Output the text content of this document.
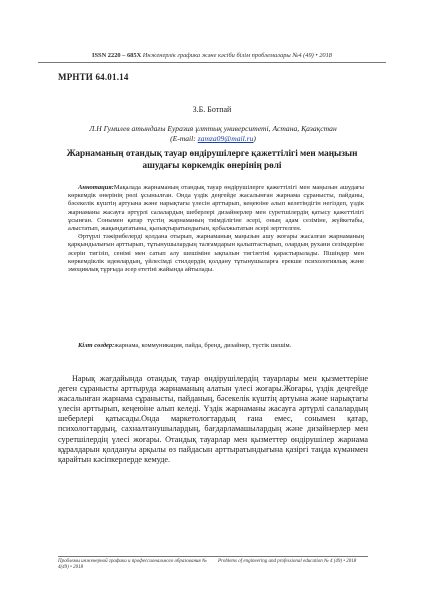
ISSN 2220 – 685X Инженерлік графика және кәсіби білім проблемалары №4 (49) • 2018
МРНТИ 64.01.14
З.Б. Ботпай
Л.Н Гумилев атындағы Еуразия ұлттық университеті, Астана, Қазақстан
(E-mail: zamza09@mail.ru)
Жарнаманың отандық тауар өндірушілерге қажеттілігі мен маңызын ашудағы көркемдік өнерінің рөлі

Аннотация:Мақалада жарнаманың отандық тауар өндірушілерге қажеттілігі мен маңызын ашудағы көркемдік өнерінің рөлі ұсынылған. Онда үздік деңгейде жасалынған жарнама сұранысты, пайданы, бәсекелік күштің артуына және нарықтағы үлесін арттырып, кеңеюіне алып келетіндігін негіздеп, үздік жарнаманы жасауға әртүрлі салалардың шеберлері дизайнерлер мен суретшілердің қатысу қажеттілігі ұсынған. Сонымен қатар түстің жарнаманың тиімділігіне әсері, оның адам сезіміне, жүйкетабы, алыстатып, жақындататыны, қызықтыратындығын, қобалжытатын әсері зерттелген.

Әртүрлі тәжірибелерді қолдана отырып, жарнаманың маңызын ашу жоғары жасалған жарнаманың қарқындылығын арттырып, тұтынушылардың талғамдарын қалыптастырып, олардың рухани сезімдеріне әсерін тигізіп, сенімі мен сатып алу шешіміне ықпалын тигізетіні қарастырылады. Пішіндер мен көркемдіклік идеялардың, үйлесімді стилдердің қолдану тұтынушыларға ерекше психологиялық және эмоциялық тұрғыда әсер ететіні жайында айтылады.

Кілт сөздер:жарнама, коммуникация, пайда, бренд, дизайнер, түстік шешім.

Нарық жағдайында отандық тауар өндірушілердің тауарлары мен қызметтеріне деген сұранысты арттыруда жарнаманың алатын үлесі жоғары.Жоғары, үздік деңгейде жасалынған жарнама сұранысты, пайданың, бәсекелік күштің артуына және нарықтағы үлесін арттырып, кеңеюіне алып келеді. Үздік жарнаманы жасауға әртүрлі салалардың шеберлері қатысады.Онда маркетологтардың ғана емес, сонымен қатар, психологтардың, сахналтанушылардың, бағдарламашылардың және дизайнерлер мен суретшілердің үлесі жоғары. Отандық тауарлар мен қызметтер өндірушілер жарнама құралдарын қолдануы арқылы өз пайдасын арттыратындығына қазіргі таңда күмәнмен қарайтын кәсіпкерлерде кемуде.

Проблемы инженерной графики и профессионального образования № 4(49) • 2018
Problems of engineering and professional education № 4 (49) • 2018
